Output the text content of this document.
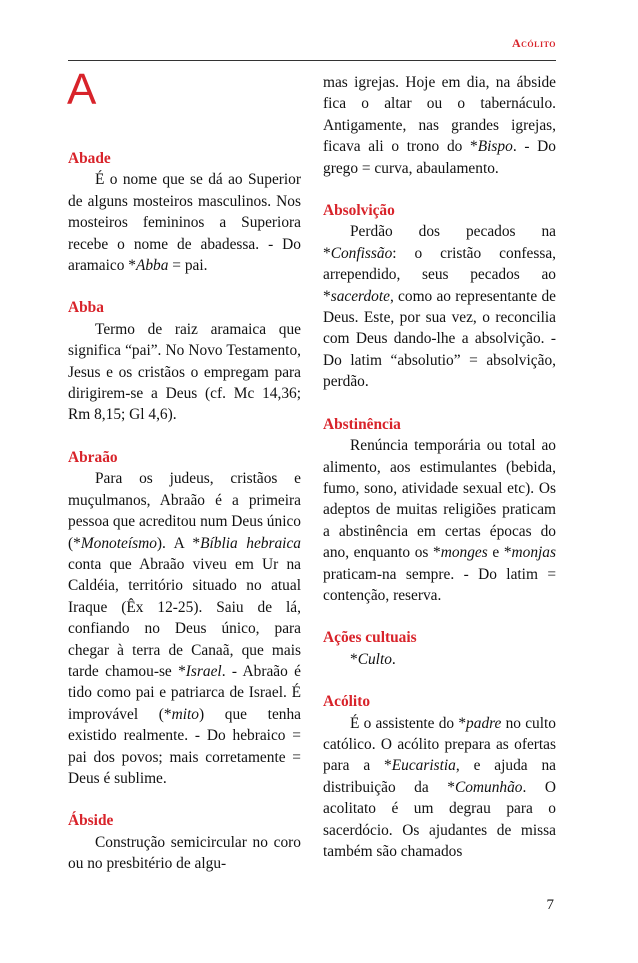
Acólito
A

Abade

É o nome que se dá ao Superior de alguns mosteiros masculinos. Nos mosteiros femininos a Superiora recebe o nome de abadessa. - Do aramaico *Abba = pai.

Abba

Termo de raiz aramaica que significa “pai”. No Novo Testamento, Jesus e os cristãos o empregam para dirigirem-se a Deus (cf. Mc 14,36; Rm 8,15; Gl 4,6).

Abraão

Para os judeus, cristãos e muçulmanos, Abraão é a primeira pessoa que acreditou num Deus único (*Monoteísmo). A *Bíblia hebraica conta que Abraão viveu em Ur na Caldéia, território situado no atual Iraque (Êx 12-25). Saiu de lá, confiando no Deus único, para chegar à terra de Canaã, que mais tarde chamou-se *Israel. - Abraão é tido como pai e patriarca de Israel. É improvável (*mito) que tenha existido realmente. - Do hebraico = pai dos povos; mais corretamente = Deus é sublime.

Ábside

Construção semicircular no coro ou no presbitério de algu-

mas igrejas. Hoje em dia, na ábside fica o altar ou o tabernáculo. Antigamente, nas grandes igrejas, ficava ali o trono do *Bispo. - Do grego = curva, abaulamento.

Absolvição

Perdão dos pecados na *Confissão: o cristão confessa, arrependido, seus pecados ao *sacerdote, como ao representante de Deus. Este, por sua vez, o reconcilia com Deus dando-lhe a absolvição. - Do latim “absolutio” = absolvição, perdão.

Abstinência

Renúncia temporária ou total ao alimento, aos estimulantes (bebida, fumo, sono, atividade sexual etc). Os adeptos de muitas religiões praticam a abstinência em certas épocas do ano, enquanto os *monges e *monjas praticam-na sempre. - Do latim = contenção, reserva.

Ações cultuais

*Culto.

Acólito

É o assistente do *padre no culto católico. O acólito prepara as ofertas para a *Eucaristia, e ajuda na distribuição da *Comunhão. O acolitato é um degrau para o sacerdócio. Os ajudantes de missa também são chamados

7
